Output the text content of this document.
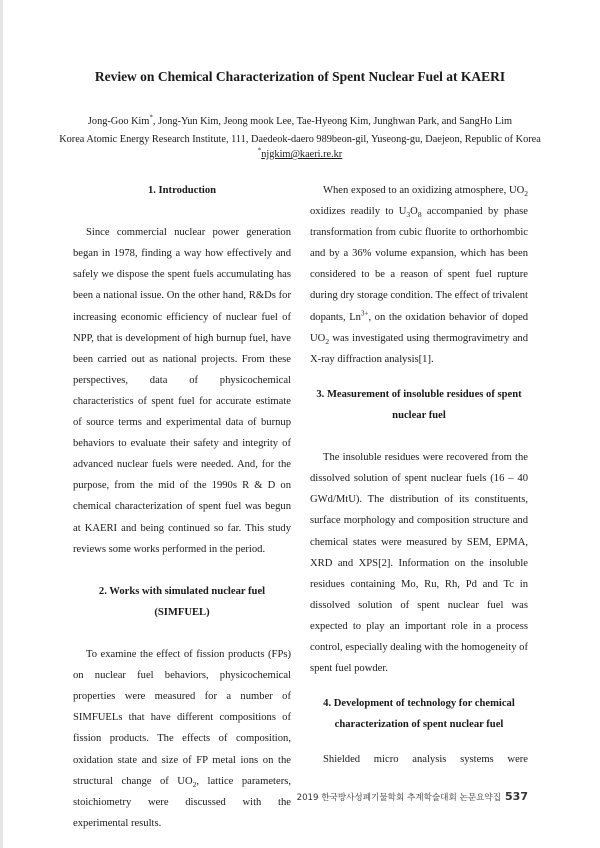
Review on Chemical Characterization of Spent Nuclear Fuel at KAERI
Jong-Goo Kim*, Jong-Yun Kim, Jeong mook Lee, Tae-Hyeong Kim, Junghwan Park, and SangHo Lim
Korea Atomic Energy Research Institute, 111, Daedeok-daero 989beon-gil, Yuseong-gu, Daejeon, Republic of Korea
*njgkim@kaeri.re.kr
1. Introduction

Since commercial nuclear power generation began in 1978, finding a way how effectively and safely we dispose the spent fuels accumulating has been a national issue. On the other hand, R&Ds for increasing economic efficiency of nuclear fuel of NPP, that is development of high burnup fuel, have been carried out as national projects. From these perspectives, data of physicochemical characteristics of spent fuel for accurate estimate of source terms and experimental data of burnup behaviors to evaluate their safety and integrity of advanced nuclear fuels were needed. And, for the purpose, from the mid of the 1990s R & D on chemical characterization of spent fuel was begun at KAERI and being continued so far. This study reviews some works performed in the period.

2. Works with simulated nuclear fuel
(SIMFUEL)

To examine the effect of fission products (FPs) on nuclear fuel behaviors, physicochemical properties were measured for a number of SIMFUELs that have different compositions of fission products. The effects of composition, oxidation state and size of FP metal ions on the structural change of $UO_2$, lattice parameters, stoichiometry were discussed with the experimental results.

When exposed to an oxidizing atmosphere, $UO_2$ oxidizes readily to $U_3O_8$ accompanied by phase transformation from cubic fluorite to orthorhombic and by a 36% volume expansion, which has been considered to be a reason of spent fuel rupture during dry storage condition. The effect of trivalent dopants, $Ln^{3+}$, on the oxidation behavior of doped $UO_2$ was investigated using thermogravimetry and X-ray diffraction analysis[1].

3. Measurement of insoluble residues of spent
nuclear fuel

The insoluble residues were recovered from the dissolved solution of spent nuclear fuels (16 – 40 GWd/MtU). The distribution of its constituents, surface morphology and composition structure and chemical states were measured by SEM, EPMA, XRD and XPS[2]. Information on the insoluble residues containing Mo, Ru, Rh, Pd and Tc in dissolved solution of spent nuclear fuel was expected to play an important role in a process control, especially dealing with the homogeneity of spent fuel powder.

4. Development of technology for chemical
characterization of spent nuclear fuel

Shielded micro analysis systems were

2019 한국방사성폐기물학회 추계학술대회 논문요약집 537
